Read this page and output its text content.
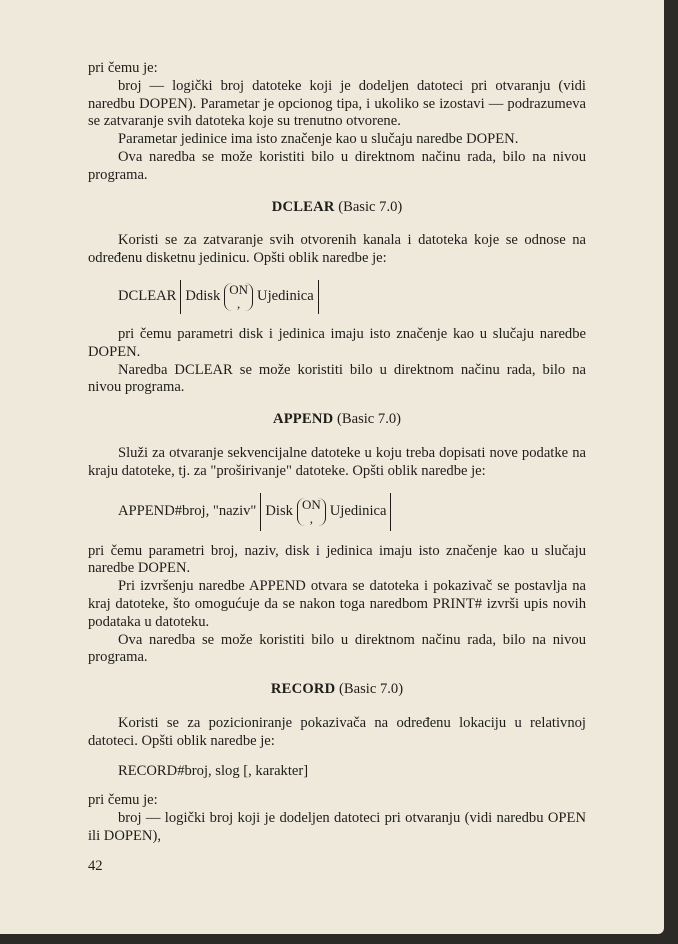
pri čemu je:

broj — logički broj datoteke koji je dodeljen datoteci pri otvaranju (vidi naredbu DOPEN). Parametar je opcionog tipa, i ukoliko se izostavi — podrazumeva se zatvaranje svih datoteka koje su trenutno otvorene.

Parametar jedinice ima isto značenje kao u slučaju naredbe DOPEN.

Ova naredba se može koristiti bilo u direktnom načinu rada, bilo na nivou programa.

DCLEAR (Basic 7.0)

Koristi se za zatvaranje svih otvorenih kanala i datoteka koje se odnose na određenu disketnu jedinicu. Opšti oblik naredbe je:

DCLEAR Ddisk ON
, Ujedinica

pri čemu parametri disk i jedinica imaju isto značenje kao u slučaju naredbe DOPEN.

Naredba DCLEAR se može koristiti bilo u direktnom načinu rada, bilo na nivou programa.

APPEND (Basic 7.0)

Služi za otvaranje sekvencijalne datoteke u koju treba dopisati nove podatke na kraju datoteke, tj. za "proširivanje" datoteke. Opšti oblik naredbe je:

APPEND#broj, "naziv" Disk ON
, Ujedinica

pri čemu parametri broj, naziv, disk i jedinica imaju isto značenje kao u slučaju naredbe DOPEN.

Pri izvršenju naredbe APPEND otvara se datoteka i pokazivač se postavlja na kraj datoteke, što omogućuje da se nakon toga naredbom PRINT# izvrši upis novih podataka u datoteku.

Ova naredba se može koristiti bilo u direktnom načinu rada, bilo na nivou programa.

RECORD (Basic 7.0)

Koristi se za pozicioniranje pokazivača na određenu lokaciju u relativnoj datoteci. Opšti oblik naredbe je:

RECORD#broj, slog [, karakter]

pri čemu je:

broj — logički broj koji je dodeljen datoteci pri otvaranju (vidi naredbu OPEN ili DOPEN),

42
